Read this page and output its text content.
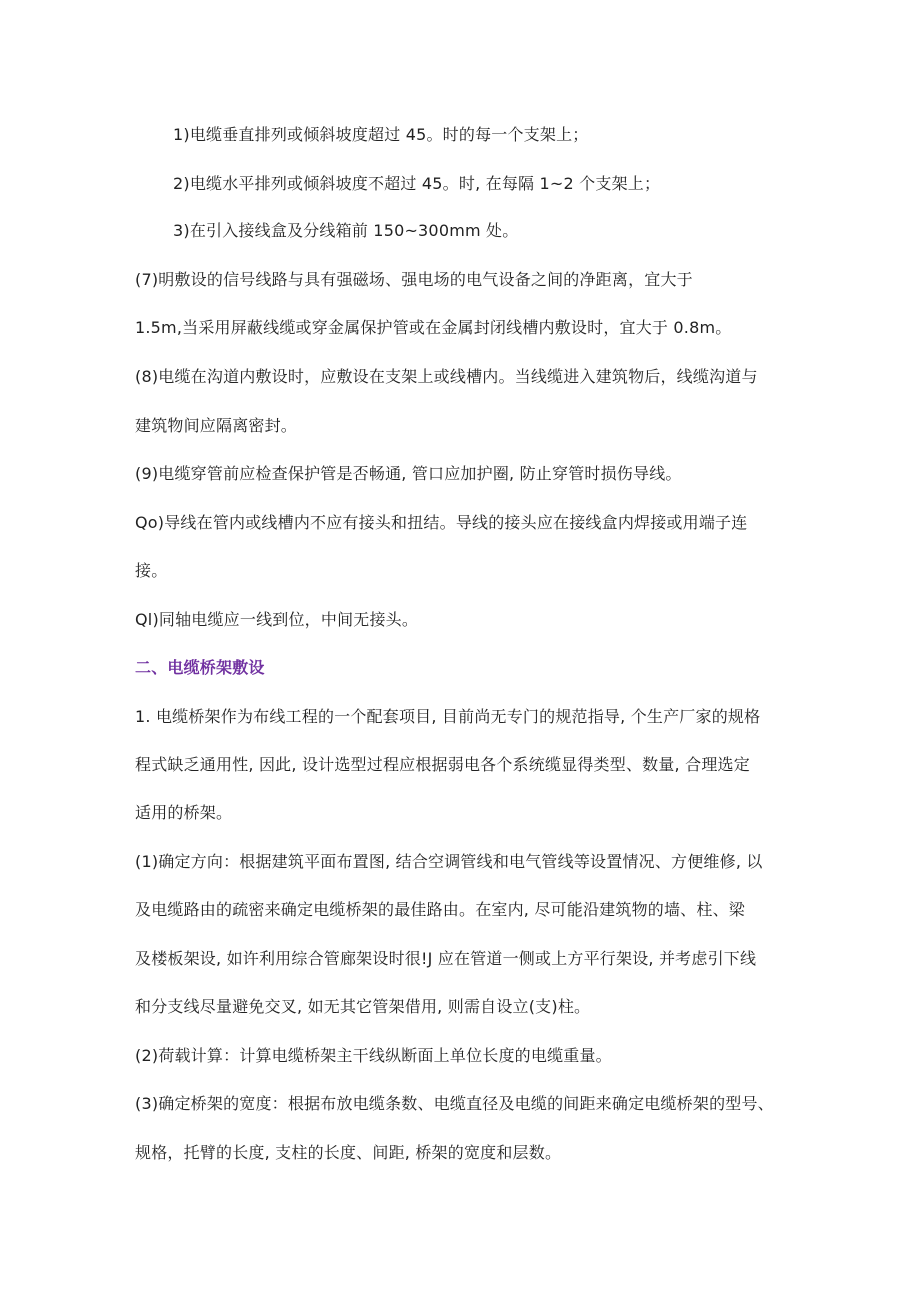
1)电缆垂直排列或倾斜坡度超过 45。时的每一个支架上；
2)电缆水平排列或倾斜坡度不超过 45。时, 在每隔 1~2 个支架上；
3)在引入接线盒及分线箱前 150~300mm 处。
(7)明敷设的信号线路与具有强磁场、强电场的电气设备之间的净距离，宜大于
1.5m,当采用屏蔽线缆或穿金属保护管或在金属封闭线槽内敷设时，宜大于 0.8m。
(8)电缆在沟道内敷设时，应敷设在支架上或线槽内。当线缆进入建筑物后，线缆沟道与
建筑物间应隔离密封。
(9)电缆穿管前应检查保护管是否畅通, 管口应加护圈, 防止穿管时损伤导线。
Qo)导线在管内或线槽内不应有接头和扭结。导线的接头应在接线盒内焊接或用端子连
接。
Ql)同轴电缆应一线到位，中间无接头。
二、电缆桥架敷设
1. 电缆桥架作为布线工程的一个配套项目, 目前尚无专门的规范指导, 个生产厂家的规格
程式缺乏通用性, 因此, 设计选型过程应根据弱电各个系统缆显得类型、数量, 合理选定
适用的桥架。
(1)确定方向：根据建筑平面布置图, 结合空调管线和电气管线等设置情况、方便维修, 以
及电缆路由的疏密来确定电缆桥架的最佳路由。在室内, 尽可能沿建筑物的墙、柱、梁
及楼板架设, 如许利用综合管廊架设时很!J 应在管道一侧或上方平行架设, 并考虑引下线
和分支线尽量避免交叉, 如无其它管架借用, 则需自设立(支)柱。
(2)荷载计算：计算电缆桥架主干线纵断面上单位长度的电缆重量。
(3)确定桥架的宽度：根据布放电缆条数、电缆直径及电缆的间距来确定电缆桥架的型号、
规格，托臂的长度, 支柱的长度、间距, 桥架的宽度和层数。
